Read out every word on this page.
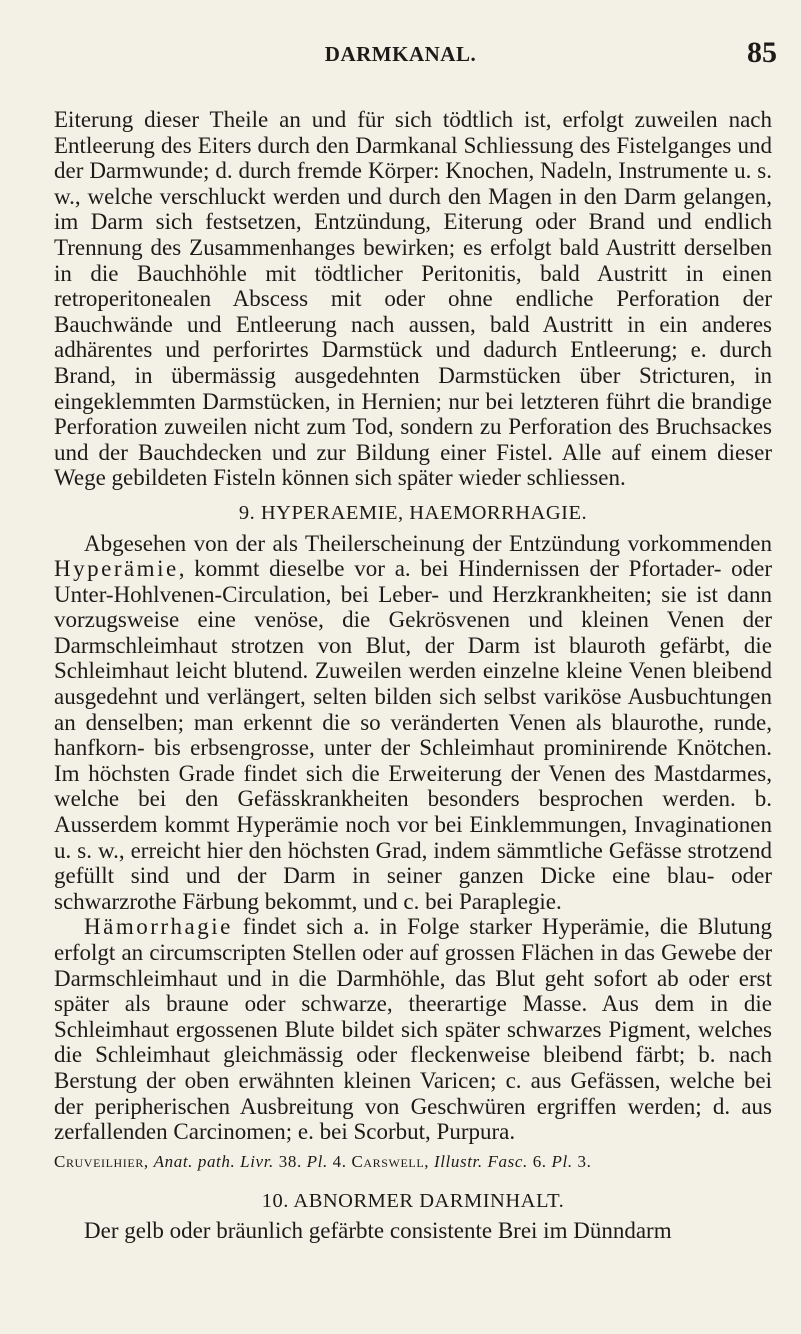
DARMKANAL.	85

Eiterung dieser Theile an und für sich tödtlich ist, erfolgt zuweilen nach Entleerung des Eiters durch den Darmkanal Schliessung des Fistelganges und der Darmwunde; d. durch fremde Körper: Knochen, Nadeln, Instrumente u. s. w., welche verschluckt werden und durch den Magen in den Darm gelangen, im Darm sich festsetzen, Entzündung, Eiterung oder Brand und endlich Trennung des Zusammenhanges bewirken; es erfolgt bald Austritt derselben in die Bauchhöhle mit tödtlicher Peritonitis, bald Austritt in einen retroperitonealen Abscess mit oder ohne endliche Perforation der Bauchwände und Entleerung nach aussen, bald Austritt in ein anderes adhärentes und perforirtes Darmstück und dadurch Entleerung; e. durch Brand, in übermässig ausgedehnten Darmstücken über Stricturen, in eingeklemmten Darmstücken, in Hernien; nur bei letzteren führt die brandige Perforation zuweilen nicht zum Tod, sondern zu Perforation des Bruchsackes und der Bauchdecken und zur Bildung einer Fistel. Alle auf einem dieser Wege gebildeten Fisteln können sich später wieder schliessen.

9. HYPERAEMIE, HAEMORRHAGIE.

Abgesehen von der als Theilerscheinung der Entzündung vorkommenden Hyperämie, kommt dieselbe vor a. bei Hindernissen der Pfortader- oder Unter-Hohlvenen-Circulation, bei Leber- und Herzkrankheiten; sie ist dann vorzugsweise eine venöse, die Gekrösvenen und kleinen Venen der Darmschleimhaut strotzen von Blut, der Darm ist blauroth gefärbt, die Schleimhaut leicht blutend. Zuweilen werden einzelne kleine Venen bleibend ausgedehnt und verlängert, selten bilden sich selbst variköse Ausbuchtungen an denselben; man erkennt die so veränderten Venen als blaurothe, runde, hanfkorn- bis erbsengrosse, unter der Schleimhaut prominirende Knötchen. Im höchsten Grade findet sich die Erweiterung der Venen des Mastdarmes, welche bei den Gefässkrankheiten besonders besprochen werden. b. Ausserdem kommt Hyperämie noch vor bei Einklemmungen, Invaginationen u. s. w., erreicht hier den höchsten Grad, indem sämmtliche Gefässe strotzend gefüllt sind und der Darm in seiner ganzen Dicke eine blau- oder schwarzrothe Färbung bekommt, und c. bei Paraplegie.

Hämorrhagie findet sich a. in Folge starker Hyperämie, die Blutung erfolgt an circumscripten Stellen oder auf grossen Flächen in das Gewebe der Darmschleimhaut und in die Darmhöhle, das Blut geht sofort ab oder erst später als braune oder schwarze, theerartige Masse. Aus dem in die Schleimhaut ergossenen Blute bildet sich später schwarzes Pigment, welches die Schleimhaut gleichmässig oder fleckenweise bleibend färbt; b. nach Berstung der oben erwähnten kleinen Varicen; c. aus Gefässen, welche bei der peripherischen Ausbreitung von Geschwüren ergriffen werden; d. aus zerfallenden Carcinomen; e. bei Scorbut, Purpura.

Cruveilhier, Anat. path. Livr. 38. Pl. 4. Carswell, Illustr. Fasc. 6. Pl. 3.
10. ABNORMER DARMINHALT.

Der gelb oder bräunlich gefärbte consistente Brei im Dünndarm
